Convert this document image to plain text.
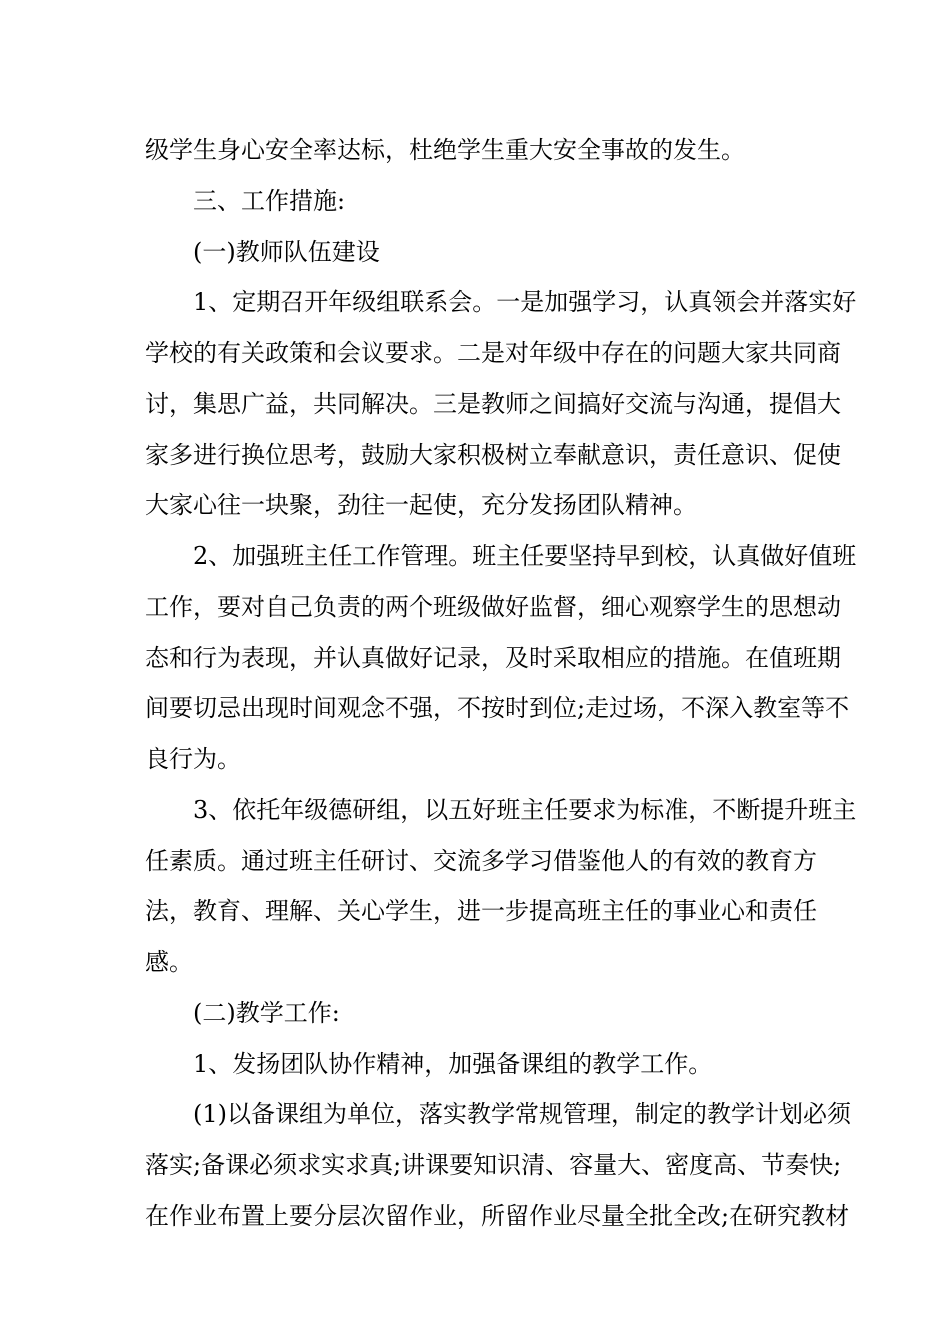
级学生身心安全率达标，杜绝学生重大安全事故的发生。
三、工作措施:
(一)教师队伍建设
1、定期召开年级组联系会。一是加强学习，认真领会并落实好
学校的有关政策和会议要求。二是对年级中存在的问题大家共同商
讨，集思广益，共同解决。三是教师之间搞好交流与沟通，提倡大
家多进行换位思考，鼓励大家积极树立奉献意识，责任意识、促使
大家心往一块聚，劲往一起使，充分发扬团队精神。
2、加强班主任工作管理。班主任要坚持早到校，认真做好值班
工作，要对自己负责的两个班级做好监督，细心观察学生的思想动
态和行为表现，并认真做好记录，及时采取相应的措施。在值班期
间要切忌出现时间观念不强，不按时到位;走过场，不深入教室等不
良行为。
3、依托年级德研组，以五好班主任要求为标准，不断提升班主
任素质。通过班主任研讨、交流多学习借鉴他人的有效的教育方
法，教育、理解、关心学生，进一步提高班主任的事业心和责任
感。
(二)教学工作:
1、发扬团队协作精神，加强备课组的教学工作。
(1)以备课组为单位，落实教学常规管理，制定的教学计划必须
落实;备课必须求实求真;讲课要知识清、容量大、密度高、节奏快;
在作业布置上要分层次留作业，所留作业尽量全批全改;在研究教材
